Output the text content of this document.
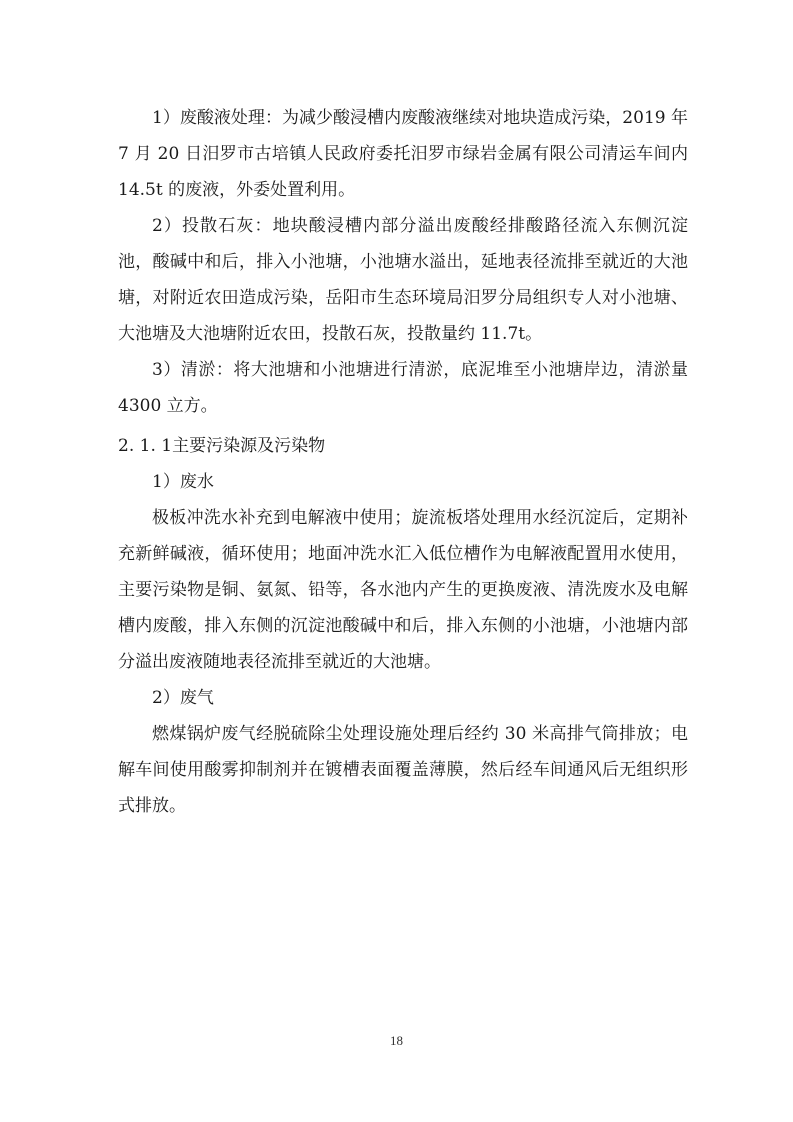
1）废酸液处理：为减少酸浸槽内废酸液继续对地块造成污染，2019 年 7 月 20 日汨罗市古培镇人民政府委托汨罗市绿岩金属有限公司清运车间内 14.5t 的废液，外委处置利用。

2）投散石灰：地块酸浸槽内部分溢出废酸经排酸路径流入东侧沉淀池，酸碱中和后，排入小池塘，小池塘水溢出，延地表径流排至就近的大池塘，对附近农田造成污染，岳阳市生态环境局汨罗分局组织专人对小池塘、大池塘及大池塘附近农田，投散石灰，投散量约 11.7t。

3）清淤：将大池塘和小池塘进行清淤，底泥堆至小池塘岸边，清淤量 4300 立方。

2. 1. 1主要污染源及污染物

1）废水

极板冲洗水补充到电解液中使用；旋流板塔处理用水经沉淀后，定期补充新鲜碱液，循环使用；地面冲洗水汇入低位槽作为电解液配置用水使用，主要污染物是铜、氨氮、铅等，各水池内产生的更换废液、清洗废水及电解槽内废酸，排入东侧的沉淀池酸碱中和后，排入东侧的小池塘，小池塘内部分溢出废液随地表径流排至就近的大池塘。

2）废气

燃煤锅炉废气经脱硫除尘处理设施处理后经约 30 米高排气筒排放；电解车间使用酸雾抑制剂并在镀槽表面覆盖薄膜，然后经车间通风后无组织形式排放。

18
